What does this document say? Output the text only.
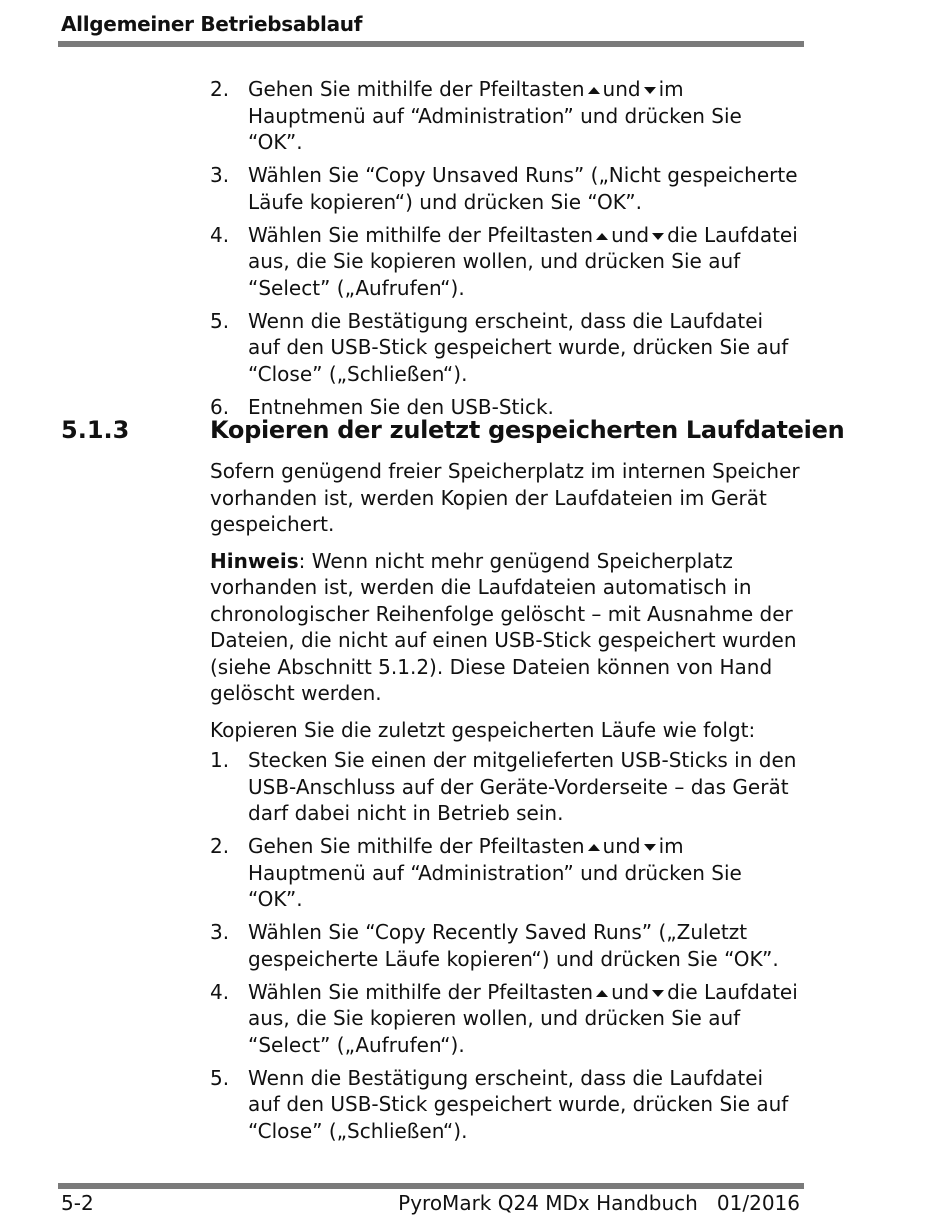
Allgemeiner Betriebsablauf
2. Gehen Sie mithilfe der Pfeiltasten und im Hauptmenü auf “Administration” und drücken Sie “OK”.
3. Wählen Sie “Copy Unsaved Runs” („Nicht gespeicherte Läufe kopieren“) und drücken Sie “OK”.
4. Wählen Sie mithilfe der Pfeiltasten und die Laufdatei aus, die Sie kopieren wollen, und drücken Sie auf “Select” („Aufrufen“).
5. Wenn die Bestätigung erscheint, dass die Laufdatei auf den USB-Stick gespeichert wurde, drücken Sie auf “Close” („Schließen“).
6. Entnehmen Sie den USB-Stick.
5.1.3	Kopieren der zuletzt gespeicherten Laufdateien

Sofern genügend freier Speicherplatz im internen Speicher vorhanden ist, werden Kopien der Laufdateien im Gerät gespeichert.

Hinweis: Wenn nicht mehr genügend Speicherplatz vorhanden ist, werden die Laufdateien automatisch in chronologischer Reihenfolge gelöscht – mit Ausnahme der Dateien, die nicht auf einen USB-Stick gespeichert wurden (siehe Abschnitt 5.1.2). Diese Dateien können von Hand gelöscht werden.

Kopieren Sie die zuletzt gespeicherten Läufe wie folgt:

1. Stecken Sie einen der mitgelieferten USB-Sticks in den USB-Anschluss auf der Geräte-Vorderseite – das Gerät darf dabei nicht in Betrieb sein.
2. Gehen Sie mithilfe der Pfeiltasten und im Hauptmenü auf “Administration” und drücken Sie “OK”.
3. Wählen Sie “Copy Recently Saved Runs” („Zuletzt gespeicherte Läufe kopieren“) und drücken Sie “OK”.
4. Wählen Sie mithilfe der Pfeiltasten und die Laufdatei aus, die Sie kopieren wollen, und drücken Sie auf “Select” („Aufrufen“).
5. Wenn die Bestätigung erscheint, dass die Laufdatei auf den USB-Stick gespeichert wurde, drücken Sie auf “Close” („Schließen“).
5-2	PyroMark Q24 MDx Handbuch   01/2016
